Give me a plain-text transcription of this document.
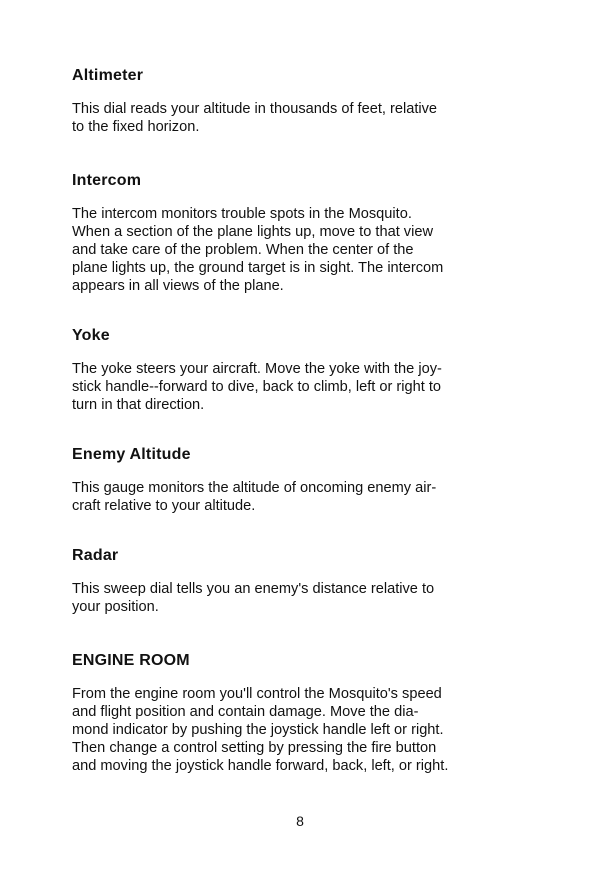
Altimeter

This dial reads your altitude in thousands of feet, relative
to the fixed horizon.

Intercom

The intercom monitors trouble spots in the Mosquito.
When a section of the plane lights up, move to that view
and take care of the problem. When the center of the
plane lights up, the ground target is in sight. The intercom
appears in all views of the plane.

Yoke

The yoke steers your aircraft. Move the yoke with the joy-
stick handle--forward to dive, back to climb, left or right to
turn in that direction.

Enemy Altitude

This gauge monitors the altitude of oncoming enemy air-
craft relative to your altitude.

Radar

This sweep dial tells you an enemy's distance relative to
your position.

ENGINE ROOM

From the engine room you'll control the Mosquito's speed
and flight position and contain damage. Move the dia-
mond indicator by pushing the joystick handle left or right.
Then change a control setting by pressing the fire button
and moving the joystick handle forward, back, left, or right.

8
